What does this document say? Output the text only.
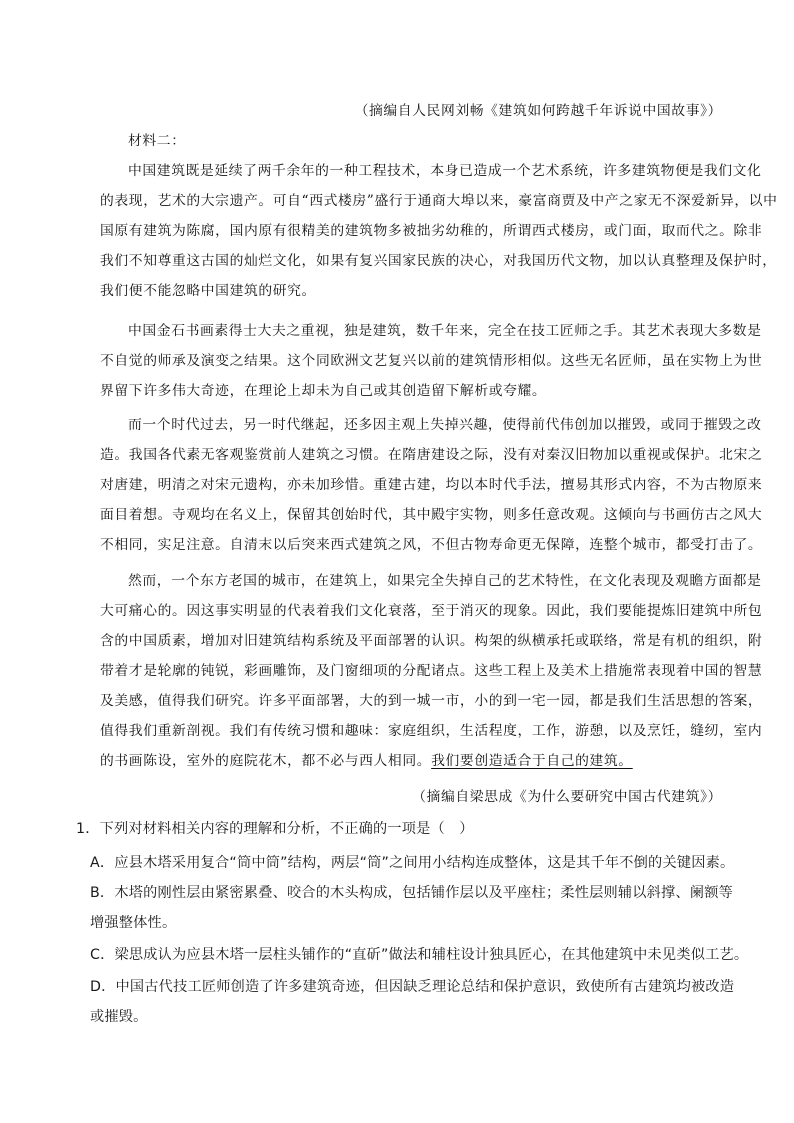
（摘编自人民网刘畅《建筑如何跨越千年诉说中国故事》）
材料二：
中国建筑既是延续了两千余年的一种工程技术，本身已造成一个艺术系统，许多建筑物便是我们文化
的表现，艺术的大宗遗产。可自“西式楼房”盛行于通商大埠以来，豪富商贾及中产之家无不深爱新异，以中
国原有建筑为陈腐，国内原有很精美的建筑物多被拙劣幼稚的，所谓西式楼房，或门面，取而代之。除非
我们不知尊重这古国的灿烂文化，如果有复兴国家民族的决心，对我国历代文物，加以认真整理及保护时，
我们便不能忽略中国建筑的研究。
中国金石书画素得士大夫之重视，独是建筑，数千年来，完全在技工匠师之手。其艺术表现大多数是
不自觉的师承及演变之结果。这个同欧洲文艺复兴以前的建筑情形相似。这些无名匠师，虽在实物上为世
界留下许多伟大奇迹，在理论上却未为自己或其创造留下解析或夸耀。
而一个时代过去，另一时代继起，还多因主观上失掉兴趣，使得前代伟创加以摧毁，或同于摧毁之改
造。我国各代素无客观鉴赏前人建筑之习惯。在隋唐建设之际，没有对秦汉旧物加以重视或保护。北宋之
对唐建，明清之对宋元遗构，亦未加珍惜。重建古建，均以本时代手法，擅易其形式内容，不为古物原来
面目着想。寺观均在名义上，保留其创始时代，其中殿宇实物，则多任意改观。这倾向与书画仿古之风大
不相同，实足注意。自清末以后突来西式建筑之风，不但古物寿命更无保障，连整个城市，都受打击了。
然而，一个东方老国的城市，在建筑上，如果完全失掉自己的艺术特性，在文化表现及观瞻方面都是
大可痛心的。因这事实明显的代表着我们文化衰落，至于消灭的现象。因此，我们要能提炼旧建筑中所包
含的中国质素，增加对旧建筑结构系统及平面部署的认识。构架的纵横承托或联络，常是有机的组织，附
带着才是轮廓的钝锐，彩画雕饰，及门窗细项的分配诸点。这些工程上及美术上措施常表现着中国的智慧
及美感，值得我们研究。许多平面部署，大的到一城一市，小的到一宅一园，都是我们生活思想的答案，
值得我们重新剖视。我们有传统习惯和趣味：家庭组织，生活程度，工作，游憩，以及烹饪，缝纫，室内
的书画陈设，室外的庭院花木，都不必与西人相同。我们要创造适合于自己的建筑。
（摘编自梁思成《为什么要研究中国古代建筑》）
1．下列对材料相关内容的理解和分析，不正确的一项是（　）
A．应县木塔采用复合“筒中筒”结构，两层“筒”之间用小结构连成整体，这是其千年不倒的关键因素。
B．木塔的刚性层由紧密累叠、咬合的木头构成，包括铺作层以及平座柱；柔性层则辅以斜撑、阑额等
增强整体性。
C．梁思成认为应县木塔一层柱头铺作的“直斫”做法和辅柱设计独具匠心，在其他建筑中未见类似工艺。
D．中国古代技工匠师创造了许多建筑奇迹，但因缺乏理论总结和保护意识，致使所有古建筑均被改造
或摧毁。
